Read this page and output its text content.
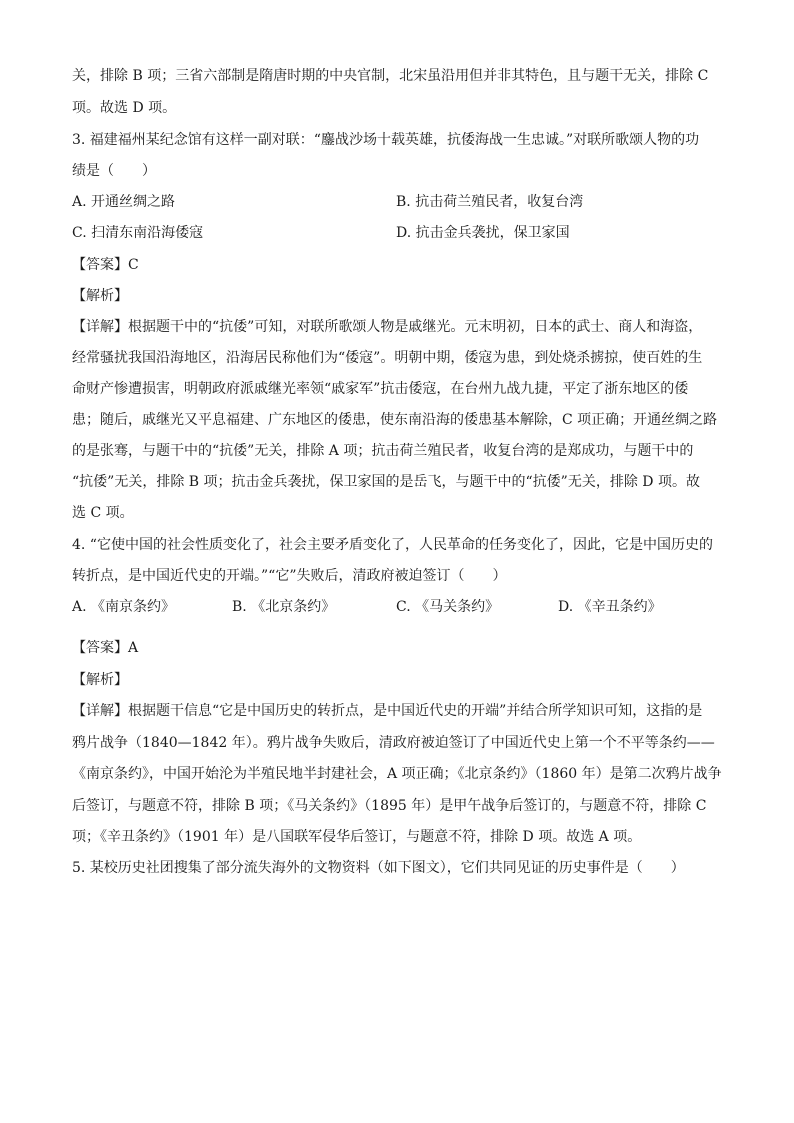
关，排除 B 项；三省六部制是隋唐时期的中央官制，北宋虽沿用但并非其特色，且与题干无关，排除 C
项。故选 D 项。
3. 福建福州某纪念馆有这样一副对联：“鏖战沙场十载英雄，抗倭海战一生忠诚。”对联所歌颂人物的功
绩是（　　）
A. 开通丝绸之路	B. 抗击荷兰殖民者，收复台湾
C. 扫清东南沿海倭寇	D. 抗击金兵袭扰，保卫家国
【答案】C
【解析】
【详解】根据题干中的“抗倭”可知，对联所歌颂人物是戚继光。元末明初，日本的武士、商人和海盗，
经常骚扰我国沿海地区，沿海居民称他们为“倭寇”。明朝中期，倭寇为患，到处烧杀掳掠，使百姓的生
命财产惨遭损害，明朝政府派戚继光率领“戚家军”抗击倭寇，在台州九战九捷，平定了浙东地区的倭
患；随后，戚继光又平息福建、广东地区的倭患，使东南沿海的倭患基本解除，C 项正确；开通丝绸之路
的是张骞，与题干中的“抗倭”无关，排除 A 项；抗击荷兰殖民者，收复台湾的是郑成功，与题干中的
“抗倭”无关，排除 B 项；抗击金兵袭扰，保卫家国的是岳飞，与题干中的“抗倭”无关，排除 D 项。故
选 C 项。
4. “它使中国的社会性质变化了，社会主要矛盾变化了，人民革命的任务变化了，因此，它是中国历史的
转折点，是中国近代史的开端。”“它”失败后，清政府被迫签订（　　）
A. 《南京条约》	B. 《北京条约》	C. 《马关条约》	D. 《辛丑条约》
【答案】A
【解析】
【详解】根据题干信息“它是中国历史的转折点，是中国近代史的开端”并结合所学知识可知，这指的是
鸦片战争（1840—1842 年）。鸦片战争失败后，清政府被迫签订了中国近代史上第一个不平等条约——
《南京条约》，中国开始沦为半殖民地半封建社会，A 项正确；《北京条约》（1860 年）是第二次鸦片战争
后签订，与题意不符，排除 B 项；《马关条约》（1895 年）是甲午战争后签订的，与题意不符，排除 C
项；《辛丑条约》（1901 年）是八国联军侵华后签订，与题意不符，排除 D 项。故选 A 项。
5. 某校历史社团搜集了部分流失海外的文物资料（如下图文），它们共同见证的历史事件是（　　）
